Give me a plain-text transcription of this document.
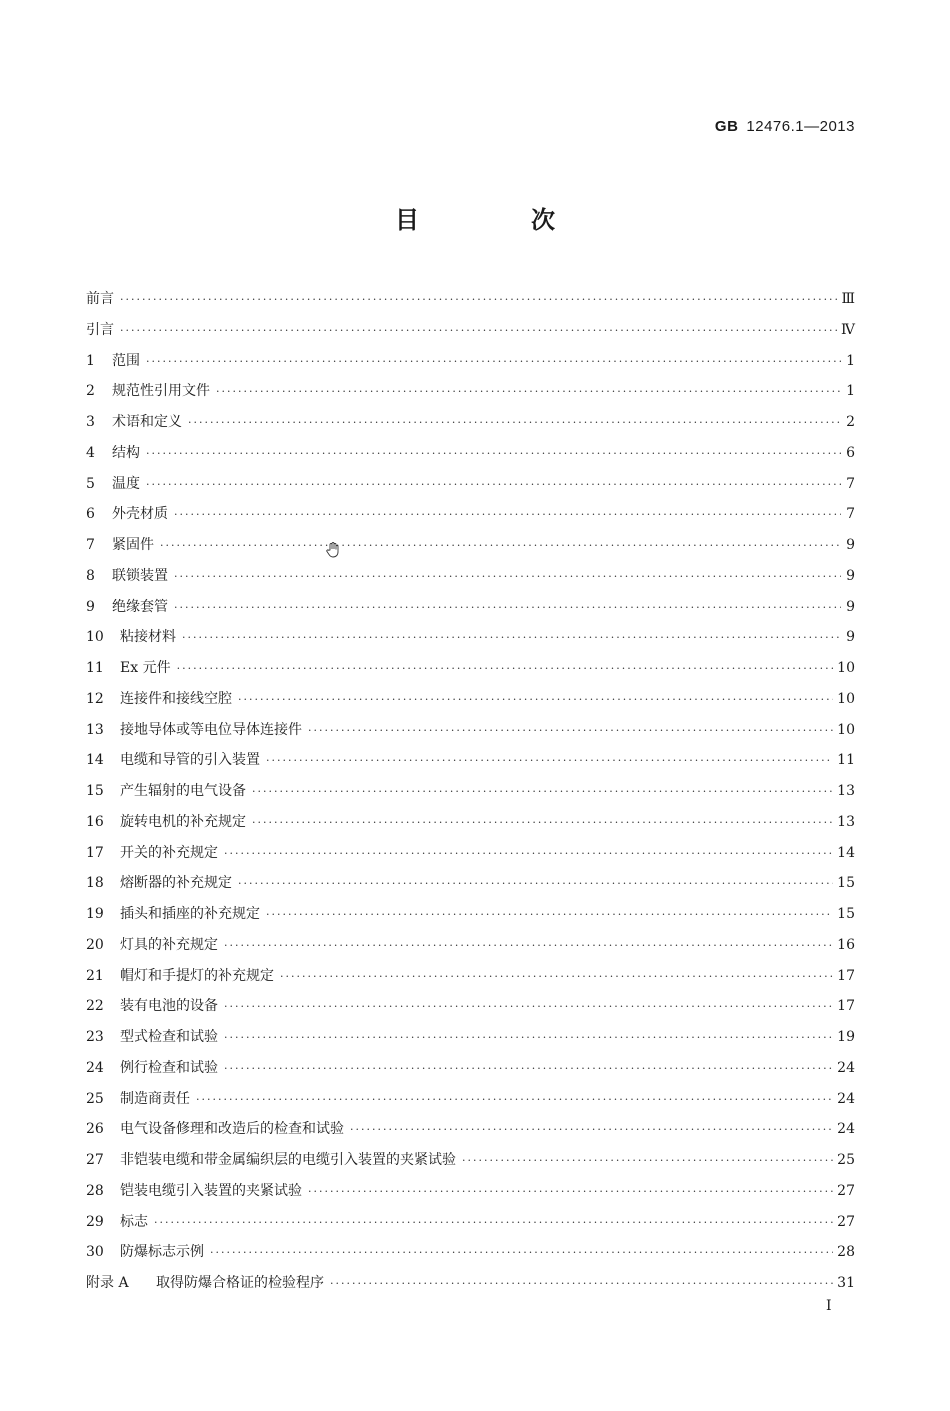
GB 12476.1—2013
目　次
前言 ·····	Ⅲ
引言 ·····	Ⅳ
1	范围 ·····	1
2	规范性引用文件 ·····	1
3	术语和定义 ·····	2
4	结构 ·····	6
5	温度 ·····	7
6	外壳材质 ·····	7
7	紧固件 ·····	9
8	联锁装置 ·····	9
9	绝缘套管 ·····	9
10	粘接材料 ·····	9
11	Ex 元件 ·····	10
12	连接件和接线空腔 ·····	10
13	接地导体或等电位导体连接件 ·····	10
14	电缆和导管的引入装置 ·····	11
15	产生辐射的电气设备 ·····	13
16	旋转电机的补充规定 ·····	13
17	开关的补充规定 ·····	14
18	熔断器的补充规定 ·····	15
19	插头和插座的补充规定 ·····	15
20	灯具的补充规定 ·····	16
21	帽灯和手提灯的补充规定 ·····	17
22	装有电池的设备 ·····	17
23	型式检查和试验 ·····	19
24	例行检查和试验 ·····	24
25	制造商责任 ·····	24
26	电气设备修理和改造后的检查和试验 ·····	24
27	非铠装电缆和带金属编织层的电缆引入装置的夹紧试验 ·····	25
28	铠装电缆引入装置的夹紧试验 ·····	27
29	标志 ·····	27
30	防爆标志示例 ·····	28
附录 A	取得防爆合格证的检验程序 ·····	31
I
